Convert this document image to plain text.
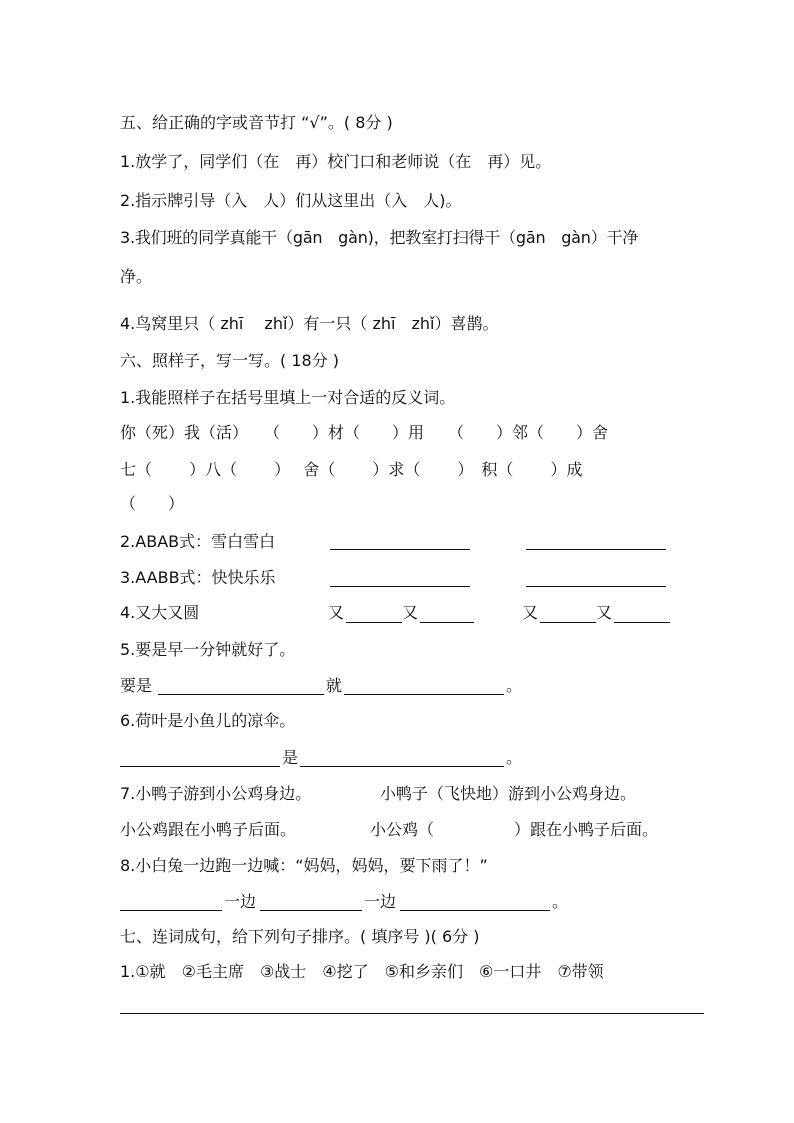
五、给正确的字或音节打 “√”。( 8分 )

1.放学了，同学们（在　再）校门口和老师说（在　再）见。

2.指示牌引导（入　人）们从这里出（入　人)。

3.我们班的同学真能干（gān　gàn)，把教室打扫得干（gān　gàn）干净

净。

4.鸟窝里只（ zhī　 zhǐ）有一只（ zhī　zhǐ）喜鹊。

六、照样子，写一写。( 18分 )

1.我能照样子在括号里填上一对合适的反义词。

你（死）我（活）　　（　　）材（　　）用　　（　　）邻（　　）舍

七（　　 ）八（　　 ）　 舍（　　 ）求（　　 ）　积（　　 ）成

（　　）

2.ABAB式：雪白雪白

3.AABB式：快快乐乐

4.又大又圆	又	又	又	又

5.要是早一分钟就好了。

要是	就	。

6.荷叶是小鱼儿的凉伞。

是	。

7.小鸭子游到小公鸡身边。	小鸭子（飞快地）游到小公鸡身边。

小公鸡跟在小鸭子后面。	小公鸡（　　　　　）跟在小鸭子后面。

8.小白兔一边跑一边喊：“妈妈，妈妈，要下雨了！”

一边	一边	。

七、连词成句，给下列句子排序。( 填序号 )( 6分 )

1.①就　②毛主席　③战士　④挖了　⑤和乡亲们　⑥一口井　⑦带领
